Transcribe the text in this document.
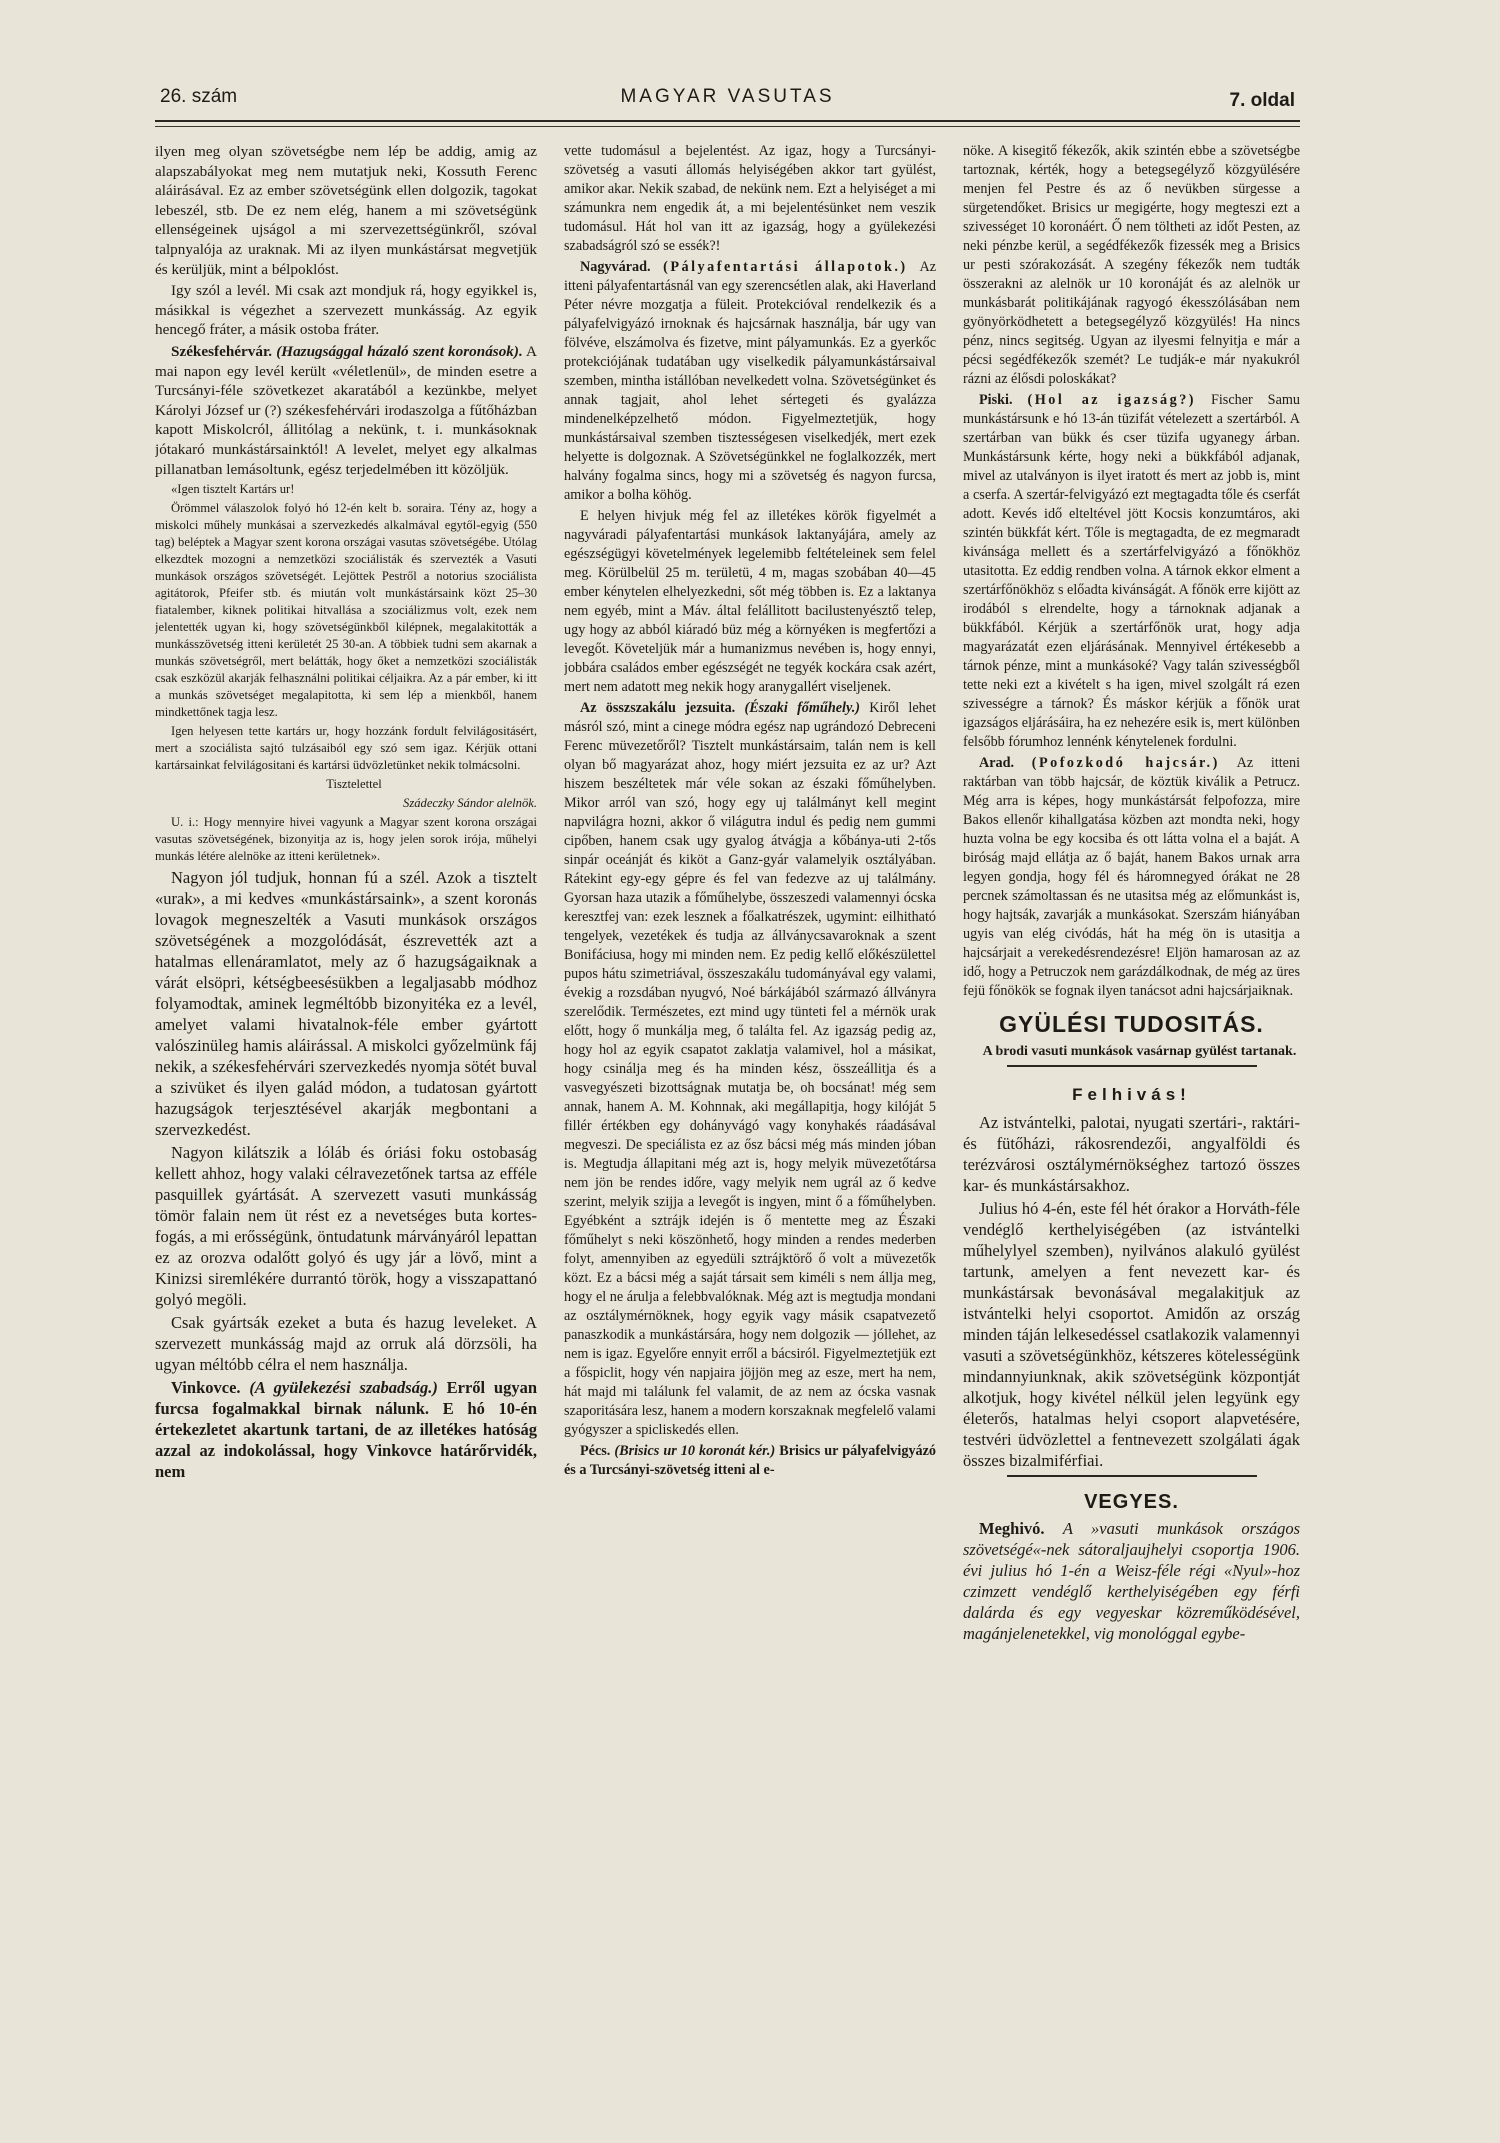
26. szám	MAGYAR VASUTAS	7. oldal

ilyen meg olyan szövetségbe nem lép be addig, amig az alapszabályokat meg nem mutatjuk neki, Kossuth Ferenc aláirásával. Ez az ember szövetségünk ellen dolgozik, tagokat lebeszél, stb. De ez nem elég, hanem a mi szövetségünk ellenségeinek ujságol a mi szervezettségünkről, szóval talpnyalója az uraknak. Mi az ilyen munkástársat megvetjük és kerüljük, mint a bélpoklóst.

Igy szól a levél. Mi csak azt mondjuk rá, hogy egyikkel is, másikkal is végezhet a szervezett munkásság. Az egyik hencegő fráter, a másik ostoba fráter.

Székesfehérvár. (Hazugsággal házaló szent koronások). A mai napon egy levél került «véletlenül», de minden esetre a Turcsányi-féle szövetkezet akaratából a kezünkbe, melyet Károlyi József ur (?) székesfehérvári irodaszolga a fűtőházban kapott Miskolcról, állitólag a nekünk, t. i. munkásoknak jótakaró munkástársainktól! A levelet, melyet egy alkalmas pillanatban lemásoltunk, egész terjedelmében itt közöljük.

«Igen tisztelt Kartárs ur!

Örömmel válaszolok folyó hó 12-én kelt b. soraira. Tény az, hogy a miskolci műhely munkásai a szervezkedés alkalmával egytől-egyig (550 tag) beléptek a Magyar szent korona országai vasutas szövetségébe. Utólag elkezdtek mozogni a nemzetközi szociálisták és szervezték a Vasuti munkások országos szövetségét. Lejöttek Pestről a notorius szociálista agitátorok, Pfeifer stb. és miután volt munkástársaink közt 25–30 fiatalember, kiknek politikai hitvallása a szociálizmus volt, ezek nem jelentették ugyan ki, hogy szövetségünkből kilépnek, megalakitották a munkásszövetség itteni kerületét 25 30-an. A többiek tudni sem akarnak a munkás szövetségről, mert belátták, hogy őket a nemzetközi szociálisták csak eszközül akarják felhasználni politikai céljaikra. Az a pár ember, ki itt a munkás szövetséget megalapitotta, ki sem lép a mienkből, hanem mindkettőnek tagja lesz.

Igen helyesen tette kartárs ur, hogy hozzánk fordult felvilágositásért, mert a szociálista sajtó tulzásaiból egy szó sem igaz. Kérjük ottani kartársainkat felvilágositani és kartársi üdvözletünket nekik tolmácsolni.

Tisztelettel

Szádeczky Sándor alelnök.

U. i.: Hogy mennyire hivei vagyunk a Magyar szent korona országai vasutas szövetségének, bizonyitja az is, hogy jelen sorok irója, műhelyi munkás létére alelnöke az itteni kerületnek».

Nagyon jól tudjuk, honnan fú a szél. Azok a tisztelt «urak», a mi kedves «munkástársaink», a szent koronás lovagok megneszelték a Vasuti munkások országos szövetségének a mozgolódását, észrevették azt a hatalmas ellenáramlatot, mely az ő hazugságaiknak a várát elsöpri, kétségbeesésükben a legaljasabb módhoz folyamodtak, aminek legméltóbb bizonyitéka ez a levél, amelyet valami hivatalnok-féle ember gyártott valószinüleg hamis aláirással. A miskolci győzelmünk fáj nekik, a székesfehérvári szervezkedés nyomja sötét buval a szivüket és ilyen galád módon, a tudatosan gyártott hazugságok terjesztésével akarják megbontani a szervezkedést.

Nagyon kilátszik a lóláb és óriási foku ostobaság kellett ahhoz, hogy valaki célravezetőnek tartsa az efféle pasquillek gyártását. A szervezett vasuti munkásság tömör falain nem üt rést ez a nevetséges buta kortes-fogás, a mi erősségünk, öntudatunk márványáról lepattan ez az orozva odalőtt golyó és ugy jár a lövő, mint a Kinizsi siremlékére durrantó török, hogy a visszapattanó golyó megöli.

Csak gyártsák ezeket a buta és hazug leveleket. A szervezett munkásság majd az orruk alá dörzsöli, ha ugyan méltóbb célra el nem használja.

Vinkovce. (A gyülekezési szabadság.) Erről ugyan furcsa fogalmakkal birnak nálunk. E hó 10-én értekezletet akartunk tartani, de az illetékes hatóság azzal az indokolással, hogy Vinkovce határőrvidék, nem

vette tudomásul a bejelentést. Az igaz, hogy a Turcsányi-szövetség a vasuti állomás helyiségében akkor tart gyülést, amikor akar. Nekik szabad, de nekünk nem. Ezt a helyiséget a mi számunkra nem engedik át, a mi bejelentésünket nem veszik tudomásul. Hát hol van itt az igazság, hogy a gyülekezési szabadságról szó se essék?!

Nagyvárad. (Pályafentartási állapotok.) Az itteni pályafentartásnál van egy szerencsétlen alak, aki Haverland Péter névre mozgatja a füleit. Protekcióval rendelkezik és a pályafelvigyázó irnoknak és hajcsárnak használja, bár ugy van fölvéve, elszámolva és fizetve, mint pályamunkás. Ez a gyerkőc protekciójának tudatában ugy viselkedik pályamunkástársaival szemben, mintha istállóban nevelkedett volna. Szövetségünket és annak tagjait, ahol lehet sértegeti és gyalázza mindenelképzelhető módon. Figyelmeztetjük, hogy munkástársaival szemben tisztességesen viselkedjék, mert ezek helyette is dolgoznak. A Szövetségünkkel ne foglalkozzék, mert halvány fogalma sincs, hogy mi a szövetség és nagyon furcsa, amikor a bolha köhög.

E helyen hivjuk még fel az illetékes körök figyelmét a nagyváradi pályafentartási munkások laktanyájára, amely az egészségügyi követelmények legelemibb feltételeinek sem felel meg. Körülbelül 25 m. területü, 4 m, magas szobában 40—45 ember kénytelen elhelyezkedni, sőt még többen is. Ez a laktanya nem egyéb, mint a Máv. által felállitott bacilustenyésztő telep, ugy hogy az abból kiáradó büz még a környéken is megfertőzi a levegőt. Követeljük már a humanizmus nevében is, hogy ennyi, jobbára családos ember egészségét ne tegyék kockára csak azért, mert nem adatott meg nekik hogy aranygallért viseljenek.

Az összszakálu jezsuita. (Északi főműhely.) Kiről lehet másról szó, mint a cinege módra egész nap ugrándozó Debreceni Ferenc müvezetőről? Tisztelt munkástársaim, talán nem is kell olyan bő magyarázat ahoz, hogy miért jezsuita ez az ur? Azt hiszem beszéltetek már véle sokan az északi főműhelyben. Mikor arról van szó, hogy egy uj találmányt kell megint napvilágra hozni, akkor ő világutra indul és pedig nem gummi cipőben, hanem csak ugy gyalog átvágja a kőbánya-uti 2-tős sinpár oceánját és kiköt a Ganz-gyár valamelyik osztályában. Rátekint egy-egy gépre és fel van fedezve az uj találmány. Gyorsan haza utazik a főműhelybe, összeszedi valamennyi ócska keresztfej van: ezek lesznek a főalkatrészek, ugymint: eilhitható tengelyek, vezetékek és tudja az állványcsavaroknak a szent Bonifáciusa, hogy mi minden nem. Ez pedig kellő előkészülettel pupos hátu szimetriával, összeszakálu tudományával egy valami, évekig a rozsdában nyugvó, Noé bárkájából származó állványra szerelődik. Természetes, ezt mind ugy tünteti fel a mérnök urak előtt, hogy ő munkálja meg, ő találta fel. Az igazság pedig az, hogy hol az egyik csapatot zaklatja valamivel, hol a másikat, hogy csinálja meg és ha minden kész, összeállitja és a vasvegyészeti bizottságnak mutatja be, oh bocsánat! még sem annak, hanem A. M. Kohnnak, aki megállapitja, hogy kilóját 5 fillér értékben egy dohányvágó vagy konyhakés ráadásával megveszi. De speciálista ez az ősz bácsi még más minden jóban is. Megtudja állapitani még azt is, hogy melyik müvezetőtársa nem jön be rendes időre, vagy melyik nem ugrál az ő kedve szerint, melyik szijja a levegőt is ingyen, mint ő a főműhelyben. Egyébként a sztrájk idején is ő mentette meg az Északi főműhelyt s neki köszönhető, hogy minden a rendes mederben folyt, amennyiben az egyedüli sztrájktörő ő volt a müvezetők közt. Ez a bácsi még a saját társait sem kiméli s nem állja meg, hogy el ne árulja a felebbvalóknak. Még azt is megtudja mondani az osztálymérnöknek, hogy egyik vagy másik csapatvezető panaszkodik a munkástársára, hogy nem dolgozik — jóllehet, az nem is igaz. Egyelőre ennyit erről a bácsiról. Figyelmeztetjük ezt a főspiclit, hogy vén napjaira jöjjön meg az esze, mert ha nem, hát majd mi találunk fel valamit, de az nem az ócska vasnak szaporitására lesz, hanem a modern korszaknak megfelelő valami gyógyszer a spicliskedés ellen.

Pécs. (Brisics ur 10 koronát kér.) Brisics ur pályafelvigyázó és a Turcsányi-szövetség itteni al e-

nöke. A kisegitő fékezők, akik szintén ebbe a szövetségbe tartoznak, kérték, hogy a betegsegélyző közgyülésére menjen fel Pestre és az ő nevükben sürgesse a sürgetendőket. Brisics ur megigérte, hogy megteszi ezt a szivességet 10 koronáért. Ő nem töltheti az időt Pesten, az neki pénzbe kerül, a segédfékezők fizessék meg a Brisics ur pesti szórakozását. A szegény fékezők nem tudták összerakni az alelnök ur 10 koronáját és az alelnök ur munkásbarát politikájának ragyogó ékesszólásában nem gyönyörködhetett a betegsegélyző közgyülés! Ha nincs pénz, nincs segitség. Ugyan az ilyesmi felnyitja e már a pécsi segédfékezők szemét? Le tudják-e már nyakukról rázni az élősdi poloskákat?

Piski. (Hol az igazság?) Fischer Samu munkástársunk e hó 13-án tüzifát vételezett a szertárból. A szertárban van bükk és cser tüzifa ugyanegy árban. Munkástársunk kérte, hogy neki a bükkfából adjanak, mivel az utalványon is ilyet iratott és mert az jobb is, mint a cserfa. A szertár-felvigyázó ezt megtagadta tőle és cserfát adott. Kevés idő elteltével jött Kocsis konzumtáros, aki szintén bükkfát kért. Tőle is megtagadta, de ez megmaradt kivánsága mellett és a szertárfelvigyázó a főnökhöz utasitotta. Ez eddig rendben volna. A tárnok ekkor elment a szertárfőnökhöz s előadta kivánságát. A főnök erre kijött az irodából s elrendelte, hogy a tárnoknak adjanak a bükkfából. Kérjük a szertárfőnök urat, hogy adja magyarázatát ezen eljárásának. Mennyivel értékesebb a tárnok pénze, mint a munkásoké? Vagy talán szivességből tette neki ezt a kivételt s ha igen, mivel szolgált rá ezen szivességre a tárnok? És máskor kérjük a főnök urat igazságos eljárásáira, ha ez nehezére esik is, mert különben felsőbb fórumhoz lennénk kénytelenek fordulni.

Arad. (Pofozkodó hajcsár.) Az itteni raktárban van több hajcsár, de köztük kiválik a Petrucz. Még arra is képes, hogy munkástársát felpofozza, mire Bakos ellenőr kihallgatása közben azt mondta neki, hogy huzta volna be egy kocsiba és ott látta volna el a baját. A biróság majd ellátja az ő baját, hanem Bakos urnak arra legyen gondja, hogy fél és háromnegyed órákat ne 28 percnek számoltassan és ne utasitsa még az előmunkást is, hogy hajtsák, zavarják a munkásokat. Szerszám hiányában ugyis van elég civódás, hát ha még ön is utasitja a hajcsárjait a verekedésrendezésre! Eljön hamarosan az az idő, hogy a Petruczok nem garázdálkodnak, de még az üres fejü főnökök se fognak ilyen tanácsot adni hajcsárjaiknak.

GYÜLÉSI TUDOSITÁS.

A brodi vasuti munkások vasárnap gyülést tartanak.

Felhivás!

Az istvántelki, palotai, nyugati szertári-, raktári- és fütőházi, rákosrendezői, angyalföldi és terézvárosi osztálymérnökséghez tartozó összes kar- és munkástársakhoz.

Julius hó 4-én, este fél hét órakor a Horváth-féle vendéglő kerthelyiségében (az istvántelki műhelylyel szemben), nyilvános alakuló gyülést tartunk, amelyen a fent nevezett kar- és munkástársak bevonásával megalakitjuk az istvántelki helyi csoportot. Amidőn az ország minden táján lelkesedéssel csatlakozik valamennyi vasuti a szövetségünkhöz, kétszeres kötelességünk mindannyiunknak, akik szövetségünk központját alkotjuk, hogy kivétel nélkül jelen legyünk egy életerős, hatalmas helyi csoport alapvetésére, testvéri üdvözlettel a fentnevezett szolgálati ágak összes bizalmiférfiai.

VEGYES.

Meghivó. A »vasuti munkások országos szövetségé«-nek sátoraljaujhelyi csoportja 1906. évi julius hó 1-én a Weisz-féle régi «Nyul»-hoz czimzett vendéglő kerthelyiségében egy férfi dalárda és egy vegyeskar közreműködésével, magánjelenetekkel, vig monológgal egybe-
